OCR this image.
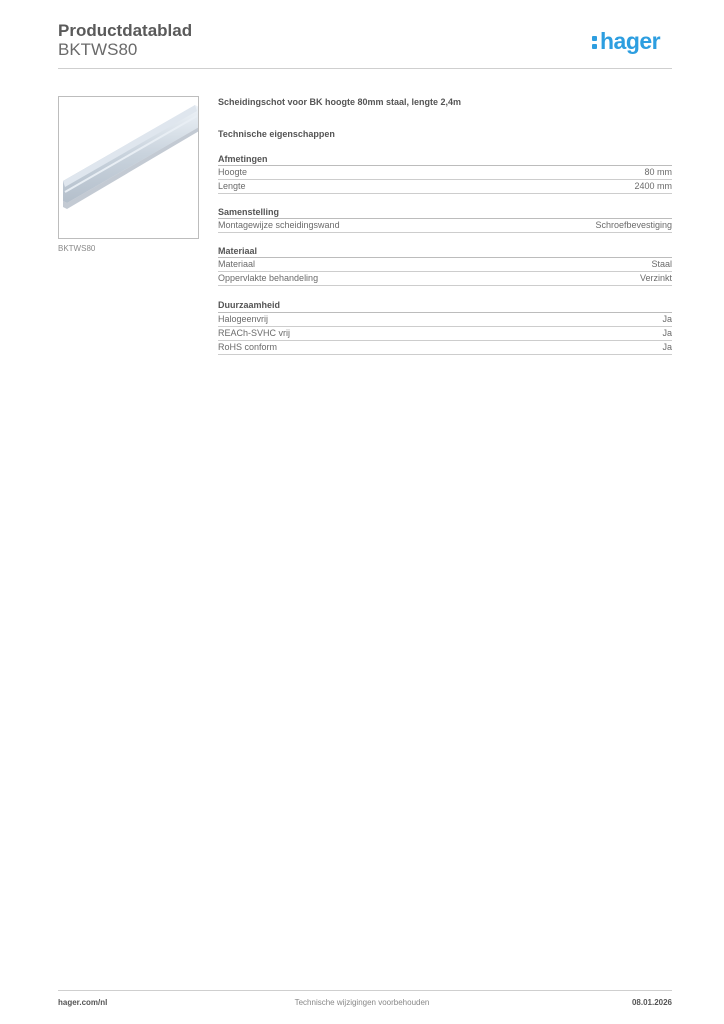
Productdatablad
BKTWS80	hager
BKTWS80
Scheidingschot voor BK hoogte 80mm staal, lengte 2,4m
Technische eigenschappen
Afmetingen
Hoogte	80 mm
Lengte	2400 mm
Samenstelling
Montagewijze scheidingswand	Schroefbevestiging
Materiaal
Materiaal	Staal
Oppervlakte behandeling	Verzinkt
Duurzaamheid
Halogeenvrij	Ja
REACh-SVHC vrij	Ja
RoHS conform	Ja
hager.com/nl	Technische wijzigingen voorbehouden	08.01.2026
